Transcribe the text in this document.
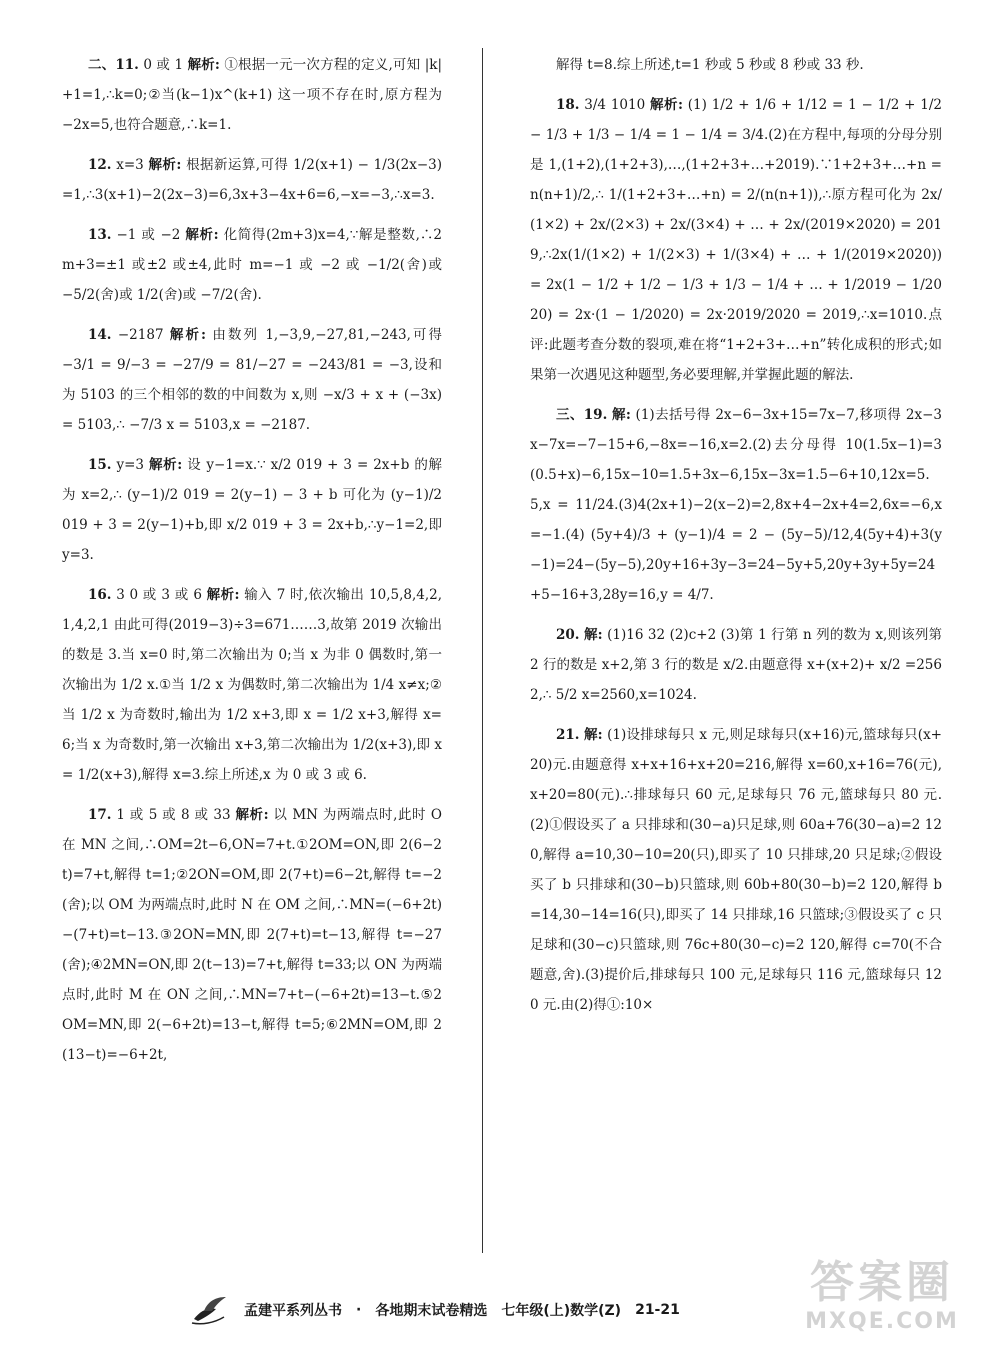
二、11. 0 或 1 解析: ①根据一元一次方程的定义,可知 |k|+1=1,∴k=0;②当(k−1)x^(k+1) 这一项不存在时,原方程为 −2x=5,也符合题意,∴k=1.

12. x=3 解析: 根据新运算,可得 1/2(x+1) − 1/3(2x−3)=1,∴3(x+1)−2(2x−3)=6,3x+3−4x+6=6,−x=−3,∴x=3.

13. −1 或 −2 解析: 化简得(2m+3)x=4,∵解是整数,∴2m+3=±1 或±2 或±4,此时 m=−1 或 −2 或 −1/2(舍)或 −5/2(舍)或 1/2(舍)或 −7/2(舍).

14. −2187 解析: 由数列 1,−3,9,−27,81,−243,可得 −3/1 = 9/−3 = −27/9 = 81/−27 = −243/81 = −3,设和为 5103 的三个相邻的数的中间数为 x,则 −x/3 + x + (−3x) = 5103,∴ −7/3 x = 5103,x = −2187.

15. y=3 解析: 设 y−1=x.∵ x/2 019 + 3 = 2x+b 的解为 x=2,∴ (y−1)/2 019 = 2(y−1) − 3 + b 可化为 (y−1)/2 019 + 3 = 2(y−1)+b,即 x/2 019 + 3 = 2x+b,∴y−1=2,即 y=3.

16. 3 0 或 3 或 6 解析: 输入 7 时,依次输出 10,5,8,4,2,1,4,2,1 由此可得(2019−3)÷3=671……3,故第 2019 次输出的数是 3.当 x=0 时,第二次输出为 0;当 x 为非 0 偶数时,第一次输出为 1/2 x.①当 1/2 x 为偶数时,第二次输出为 1/4 x≠x;②当 1/2 x 为奇数时,输出为 1/2 x+3,即 x = 1/2 x+3,解得 x=6;当 x 为奇数时,第一次输出 x+3,第二次输出为 1/2(x+3),即 x = 1/2(x+3),解得 x=3.综上所述,x 为 0 或 3 或 6.

17. 1 或 5 或 8 或 33 解析: 以 MN 为两端点时,此时 O 在 MN 之间,∴OM=2t−6,ON=7+t.①2OM=ON,即 2(6−2t)=7+t,解得 t=1;②2ON=OM,即 2(7+t)=6−2t,解得 t=−2(舍);以 OM 为两端点时,此时 N 在 OM 之间,∴MN=(−6+2t)−(7+t)=t−13.③2ON=MN,即 2(7+t)=t−13,解得 t=−27(舍);④2MN=ON,即 2(t−13)=7+t,解得 t=33;以 ON 为两端点时,此时 M 在 ON 之间,∴MN=7+t−(−6+2t)=13−t.⑤2OM=MN,即 2(−6+2t)=13−t,解得 t=5;⑥2MN=OM,即 2(13−t)=−6+2t,

解得 t=8.综上所述,t=1 秒或 5 秒或 8 秒或 33 秒.

18. 3/4 1010 解析: (1) 1/2 + 1/6 + 1/12 = 1 − 1/2 + 1/2 − 1/3 + 1/3 − 1/4 = 1 − 1/4 = 3/4.(2)在方程中,每项的分母分别是 1,(1+2),(1+2+3),…,(1+2+3+…+2019).∵1+2+3+…+n = n(n+1)/2,∴ 1/(1+2+3+…+n) = 2/(n(n+1)),∴原方程可化为 2x/(1×2) + 2x/(2×3) + 2x/(3×4) + … + 2x/(2019×2020) = 2019,∴2x(1/(1×2) + 1/(2×3) + 1/(3×4) + … + 1/(2019×2020)) = 2x(1 − 1/2 + 1/2 − 1/3 + 1/3 − 1/4 + … + 1/2019 − 1/2020) = 2x·(1 − 1/2020) = 2x·2019/2020 = 2019,∴x=1010.点评:此题考查分数的裂项,难在将“1+2+3+…+n”转化成积的形式;如果第一次遇见这种题型,务必要理解,并掌握此题的解法.

三、19. 解: (1)去括号得 2x−6−3x+15=7x−7,移项得 2x−3x−7x=−7−15+6,−8x=−16,x=2.(2)去分母得 10(1.5x−1)=3(0.5+x)−6,15x−10=1.5+3x−6,15x−3x=1.5−6+10,12x=5.5,x = 11/24.(3)4(2x+1)−2(x−2)=2,8x+4−2x+4=2,6x=−6,x=−1.(4) (5y+4)/3 + (y−1)/4 = 2 − (5y−5)/12,4(5y+4)+3(y−1)=24−(5y−5),20y+16+3y−3=24−5y+5,20y+3y+5y=24+5−16+3,28y=16,y = 4/7.

20. 解: (1)16 32 (2)c+2 (3)第 1 行第 n 列的数为 x,则该列第 2 行的数是 x+2,第 3 行的数是 x/2.由题意得 x+(x+2)+ x/2 =2562,∴ 5/2 x=2560,x=1024.

21. 解: (1)设排球每只 x 元,则足球每只(x+16)元,篮球每只(x+20)元.由题意得 x+x+16+x+20=216,解得 x=60,x+16=76(元),x+20=80(元).∴排球每只 60 元,足球每只 76 元,篮球每只 80 元.(2)①假设买了 a 只排球和(30−a)只足球,则 60a+76(30−a)=2 120,解得 a=10,30−10=20(只),即买了 10 只排球,20 只足球;②假设买了 b 只排球和(30−b)只篮球,则 60b+80(30−b)=2 120,解得 b=14,30−14=16(只),即买了 14 只排球,16 只篮球;③假设买了 c 只足球和(30−c)只篮球,则 76c+80(30−c)=2 120,解得 c=70(不合题意,舍).(3)提价后,排球每只 100 元,足球每只 116 元,篮球每只 120 元.由(2)得①:10×

孟建平系列丛书 · 各地期末试卷精选 七年级(上)数学(Z) 21-21
答案圈
MXQE.COM
